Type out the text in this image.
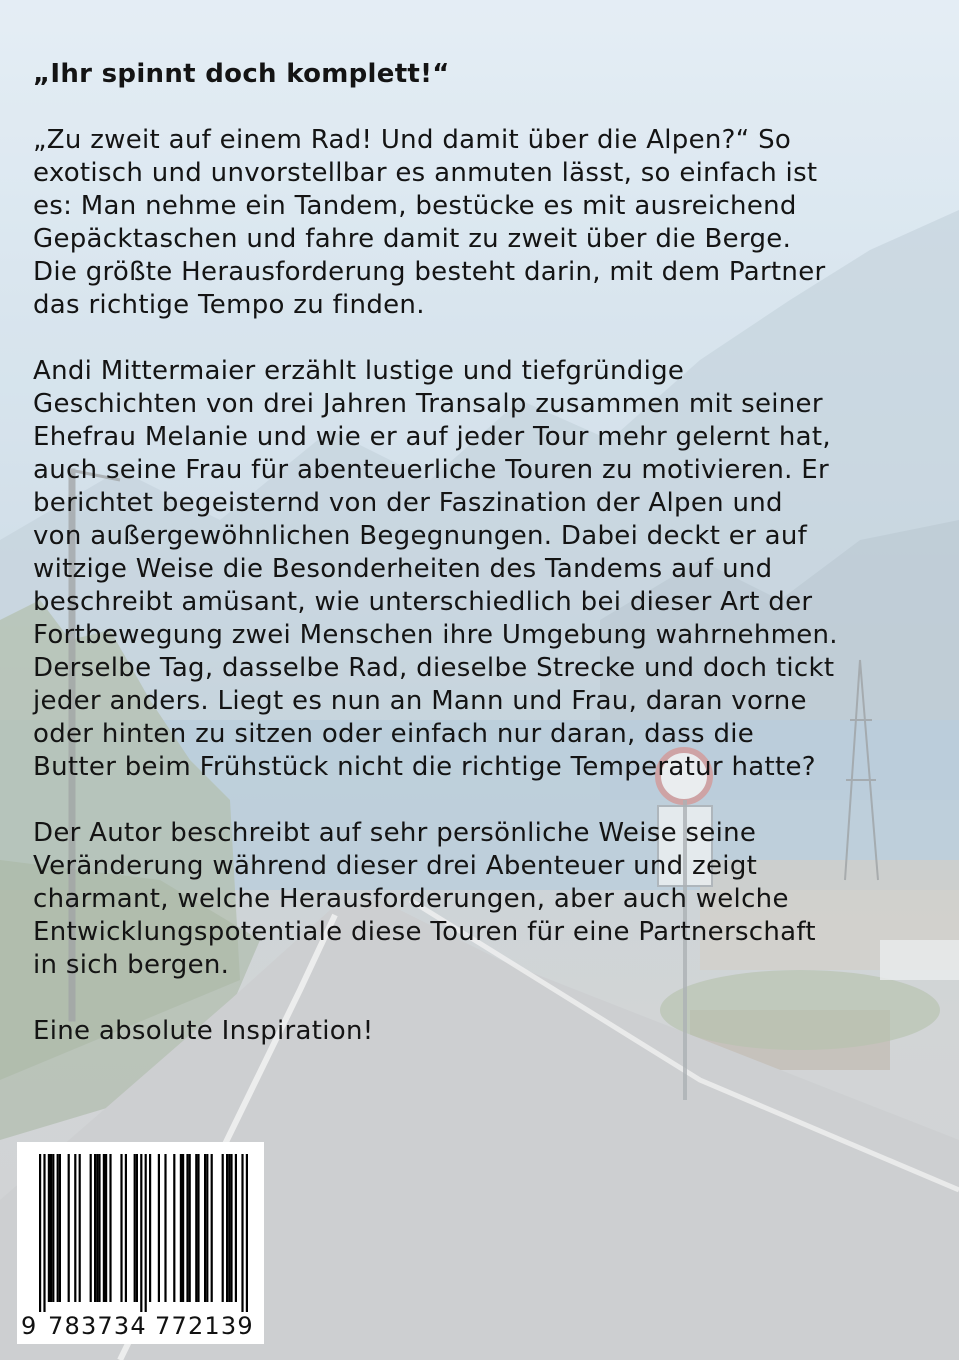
„Ihr spinnt doch komplett!“

„Zu zweit auf einem Rad! Und damit über die Alpen?“ So
exotisch und unvorstellbar es anmuten lässt, so einfach ist
es: Man nehme ein Tandem, bestücke es mit ausreichend
Gepäcktaschen und fahre damit zu zweit über die Berge.
Die größte Herausforderung besteht darin, mit dem Partner
das richtige Tempo zu finden.

Andi Mittermaier erzählt lustige und tiefgründige
Geschichten von drei Jahren Transalp zusammen mit seiner
Ehefrau Melanie und wie er auf jeder Tour mehr gelernt hat,
auch seine Frau für abenteuerliche Touren zu motivieren. Er
berichtet begeisternd von der Faszination der Alpen und
von außergewöhnlichen Begegnungen. Dabei deckt er auf
witzige Weise die Besonderheiten des Tandems auf und
beschreibt amüsant, wie unterschiedlich bei dieser Art der
Fortbewegung zwei Menschen ihre Umgebung wahrnehmen.
Derselbe Tag, dasselbe Rad, dieselbe Strecke und doch tickt
jeder anders. Liegt es nun an Mann und Frau, daran vorne
oder hinten zu sitzen oder einfach nur daran, dass die
Butter beim Frühstück nicht die richtige Temperatur hatte?

Der Autor beschreibt auf sehr persönliche Weise seine
Veränderung während dieser drei Abenteuer und zeigt
charmant, welche Herausforderungen, aber auch welche
Entwicklungspotentiale diese Touren für eine Partnerschaft
in sich bergen.

Eine absolute Inspiration!

9 783734 772139
